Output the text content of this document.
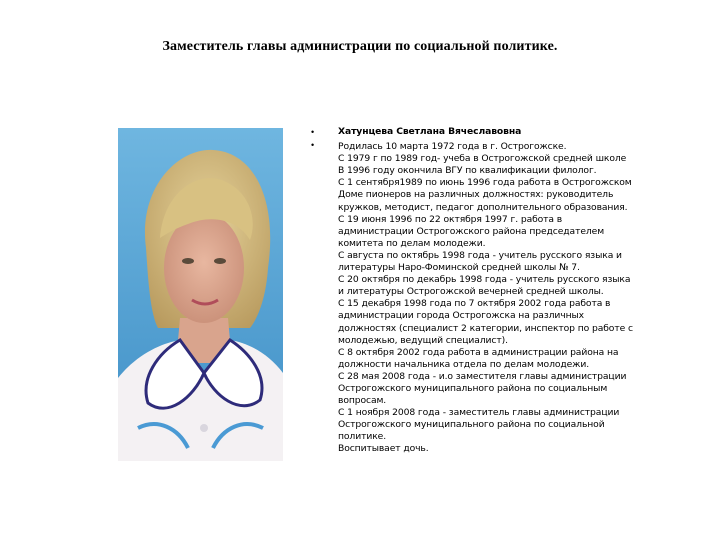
Заместитель главы администрации по социальной политике.
•
•

Хатунцева Светлана Вячеславовна

Родилась 10 марта 1972 года в г. Острогожске.
С 1979 г по 1989 год- учеба в Острогожской средней школе
В 1996 году окончила ВГУ по квалификации филолог.
С 1 сентября1989 по июнь 1996 года работа в Острогожском
Доме пионеров на различных должностях: руководитель
кружков, методист, педагог дополнительного образования.
С 19 июня 1996 по 22 октября 1997 г. работа в
администрации Острогожского района председателем
комитета по делам молодежи.
С августа по октябрь 1998 года - учитель русского языка и
литературы Наро-Фоминской средней школы № 7.
С 20 октября по декабрь 1998 года - учитель русского языка
и литературы Острогожской вечерней средней школы.
С 15 декабря 1998 года по 7 октября 2002 года работа в
администрации города Острогожска на различных
должностях (специалист 2 категории, инспектор по работе с
молодежью, ведущий специалист).
С 8 октября 2002 года работа в администрации района на
должности начальника отдела по делам молодежи.
С 28 мая 2008 года - и.о заместителя главы администрации
Острогожского муниципального района по социальным
вопросам.
С 1 ноября 2008 года - заместитель главы администрации
Острогожского муниципального района по социальной
политике.
Воспитывает дочь.
